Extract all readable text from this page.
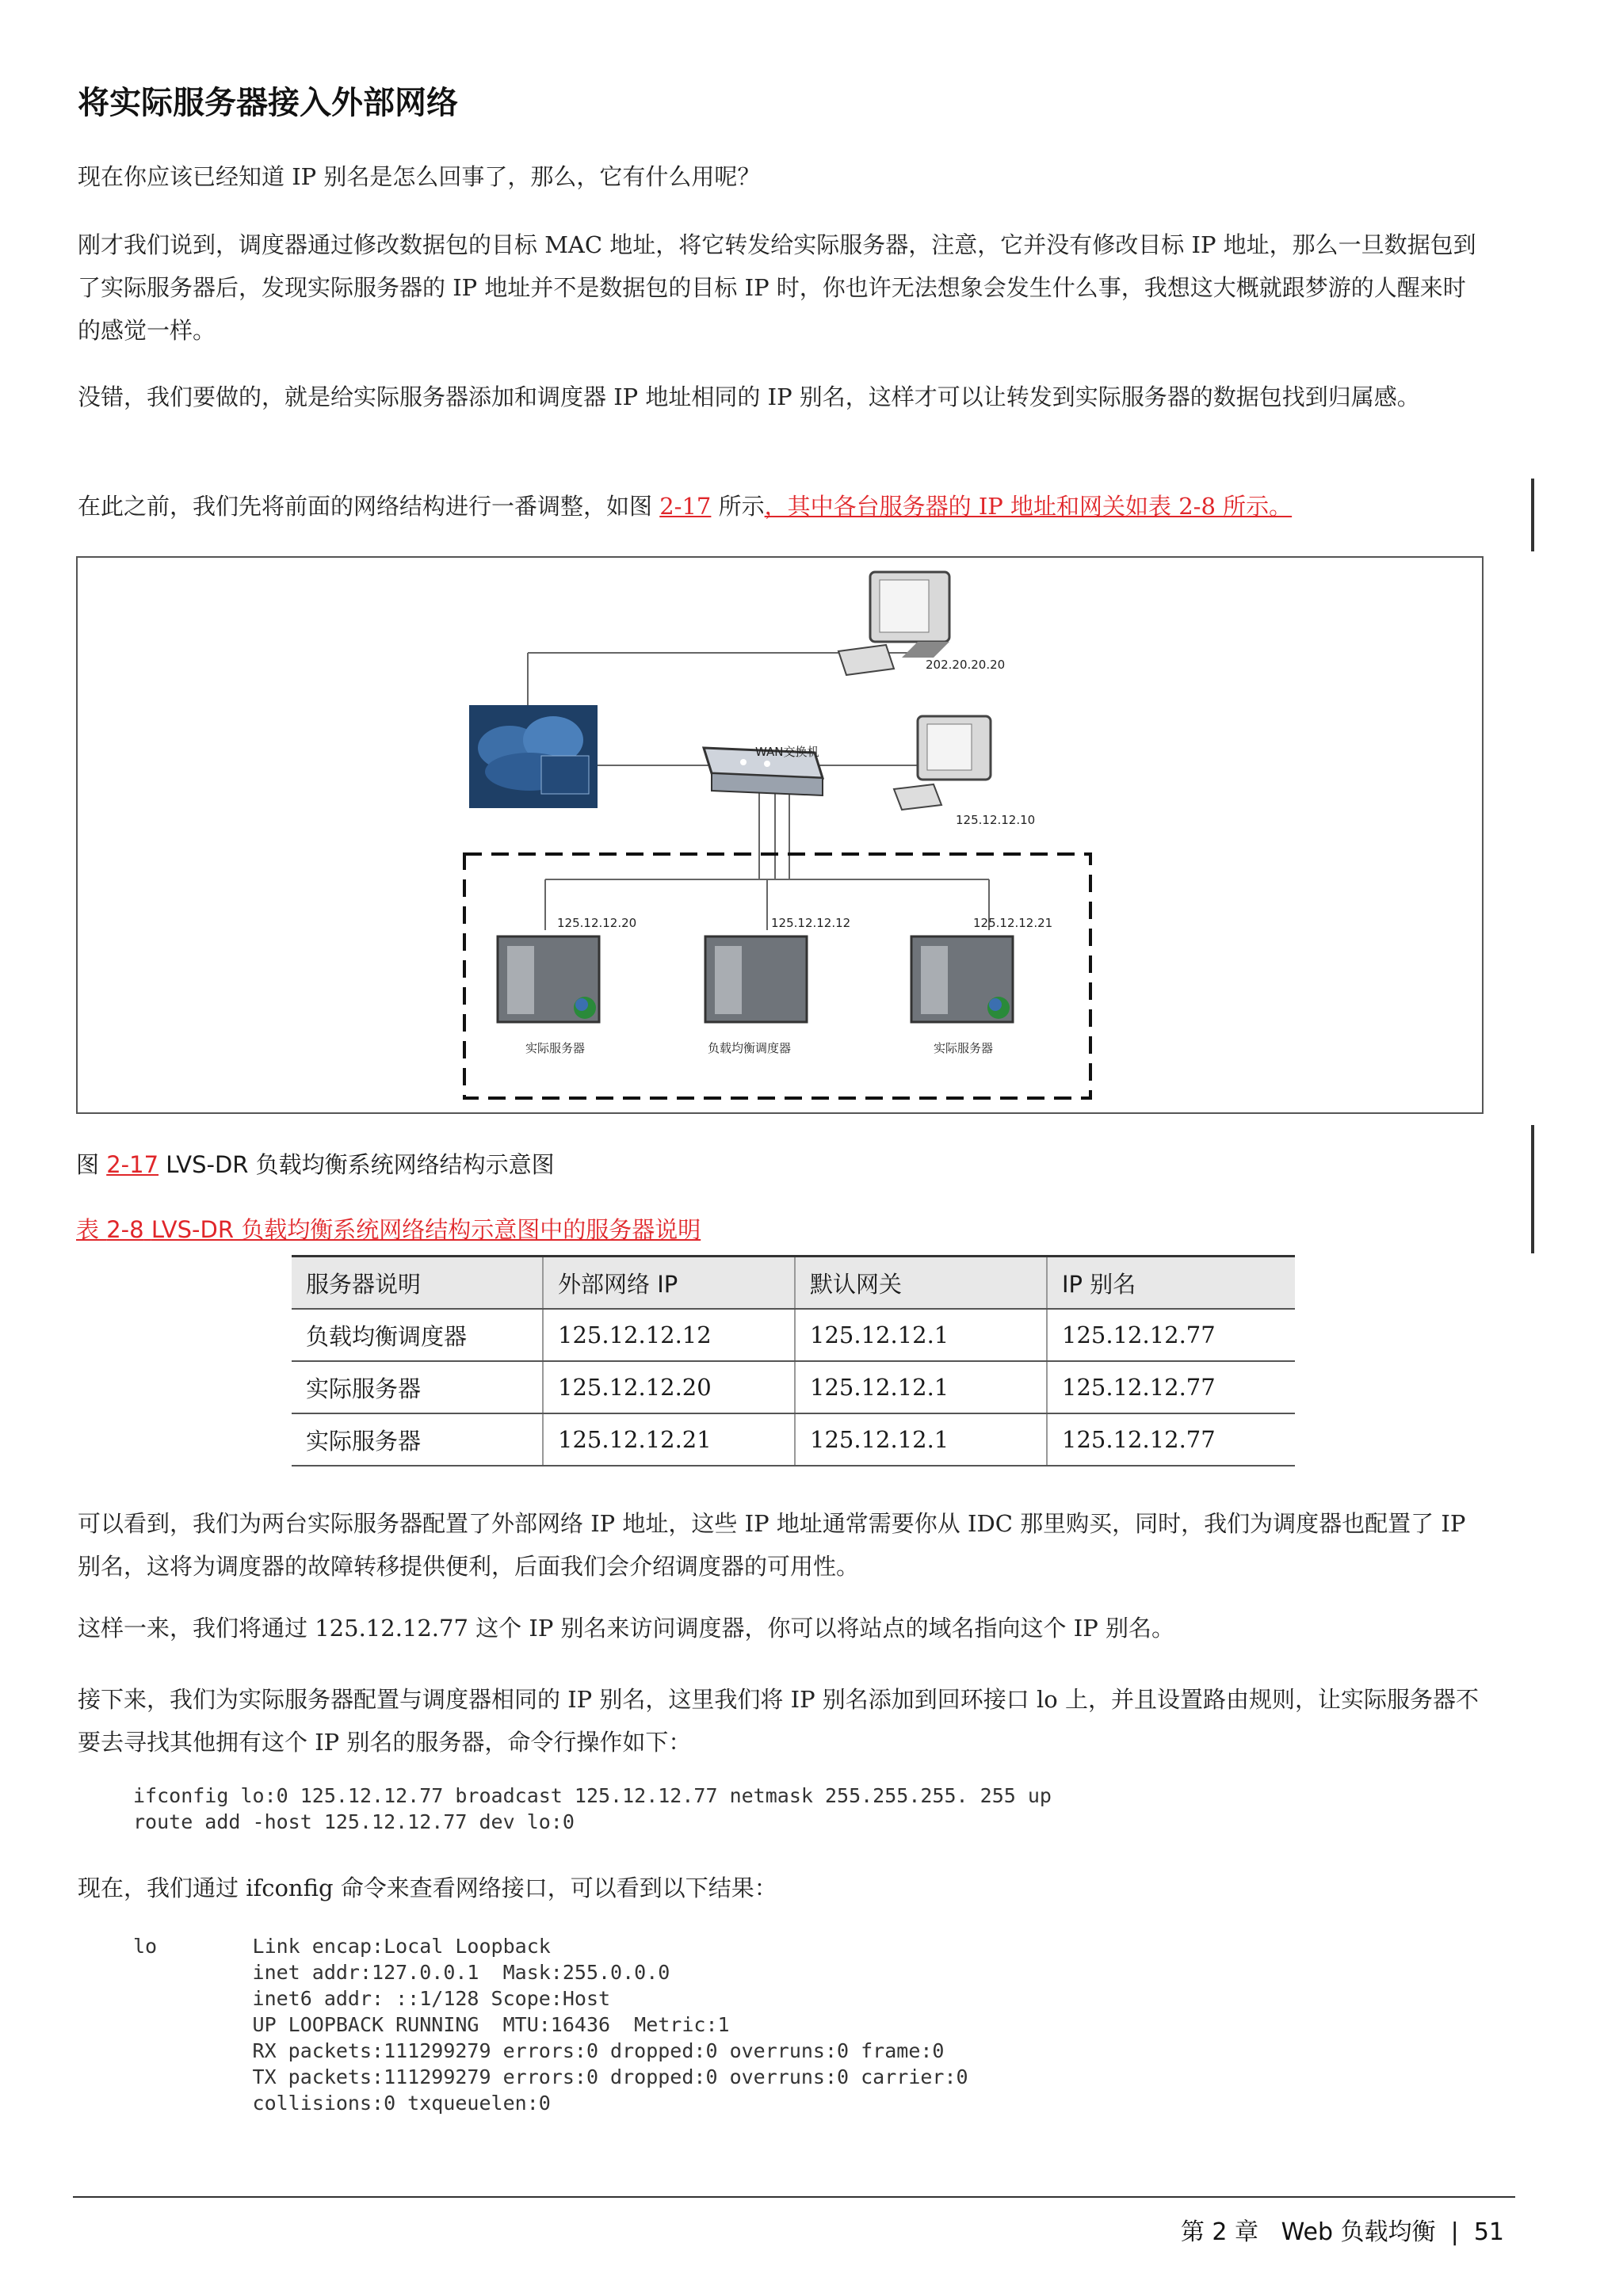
将实际服务器接入外部网络
现在你应该已经知道 IP 别名是怎么回事了，那么，它有什么用呢？
刚才我们说到，调度器通过修改数据包的目标 MAC 地址，将它转发给实际服务器，注意，它并没有修改目标 IP 地址，那么一旦数据包到了实际服务器后，发现实际服务器的 IP 地址并不是数据包的目标 IP 时，你也许无法想象会发生什么事，我想这大概就跟梦游的人醒来时的感觉一样。
没错，我们要做的，就是给实际服务器添加和调度器 IP 地址相同的 IP 别名，这样才可以让转发到实际服务器的数据包找到归属感。
在此之前，我们先将前面的网络结构进行一番调整，如图 2-17 所示，其中各台服务器的 IP 地址和网关如表 2-8 所示。
202.20.20.20
WAN交换机
125.12.12.10
125.12.12.20	125.12.12.12	125.12.12.21
实际服务器	负载均衡调度器	实际服务器
图 2-17 LVS-DR 负载均衡系统网络结构示意图
表 2-8 LVS-DR 负载均衡系统网络结构示意图中的服务器说明
服务器说明	外部网络 IP	默认网关	IP 别名
负载均衡调度器	125.12.12.12	125.12.12.1	125.12.12.77
实际服务器	125.12.12.20	125.12.12.1	125.12.12.77
实际服务器	125.12.12.21	125.12.12.1	125.12.12.77
可以看到，我们为两台实际服务器配置了外部网络 IP 地址，这些 IP 地址通常需要你从 IDC 那里购买，同时，我们为调度器也配置了 IP 别名，这将为调度器的故障转移提供便利，后面我们会介绍调度器的可用性。
这样一来，我们将通过 125.12.12.77 这个 IP 别名来访问调度器，你可以将站点的域名指向这个 IP 别名。
接下来，我们为实际服务器配置与调度器相同的 IP 别名，这里我们将 IP 别名添加到回环接口 lo 上，并且设置路由规则，让实际服务器不要去寻找其他拥有这个 IP 别名的服务器，命令行操作如下：
ifconfig lo:0 125.12.12.77 broadcast 125.12.12.77 netmask 255.255.255. 255 up
route add -host 125.12.12.77 dev lo:0
现在，我们通过 ifconfig 命令来查看网络接口，可以看到以下结果：
lo        Link encap:Local Loopback
inet addr:127.0.0.1  Mask:255.0.0.0
inet6 addr: ::1/128 Scope:Host
UP LOOPBACK RUNNING  MTU:16436  Metric:1
RX packets:111299279 errors:0 dropped:0 overruns:0 frame:0
TX packets:111299279 errors:0 dropped:0 overruns:0 carrier:0
collisions:0 txqueuelen:0
第 2 章 Web 负载均衡 | 51
